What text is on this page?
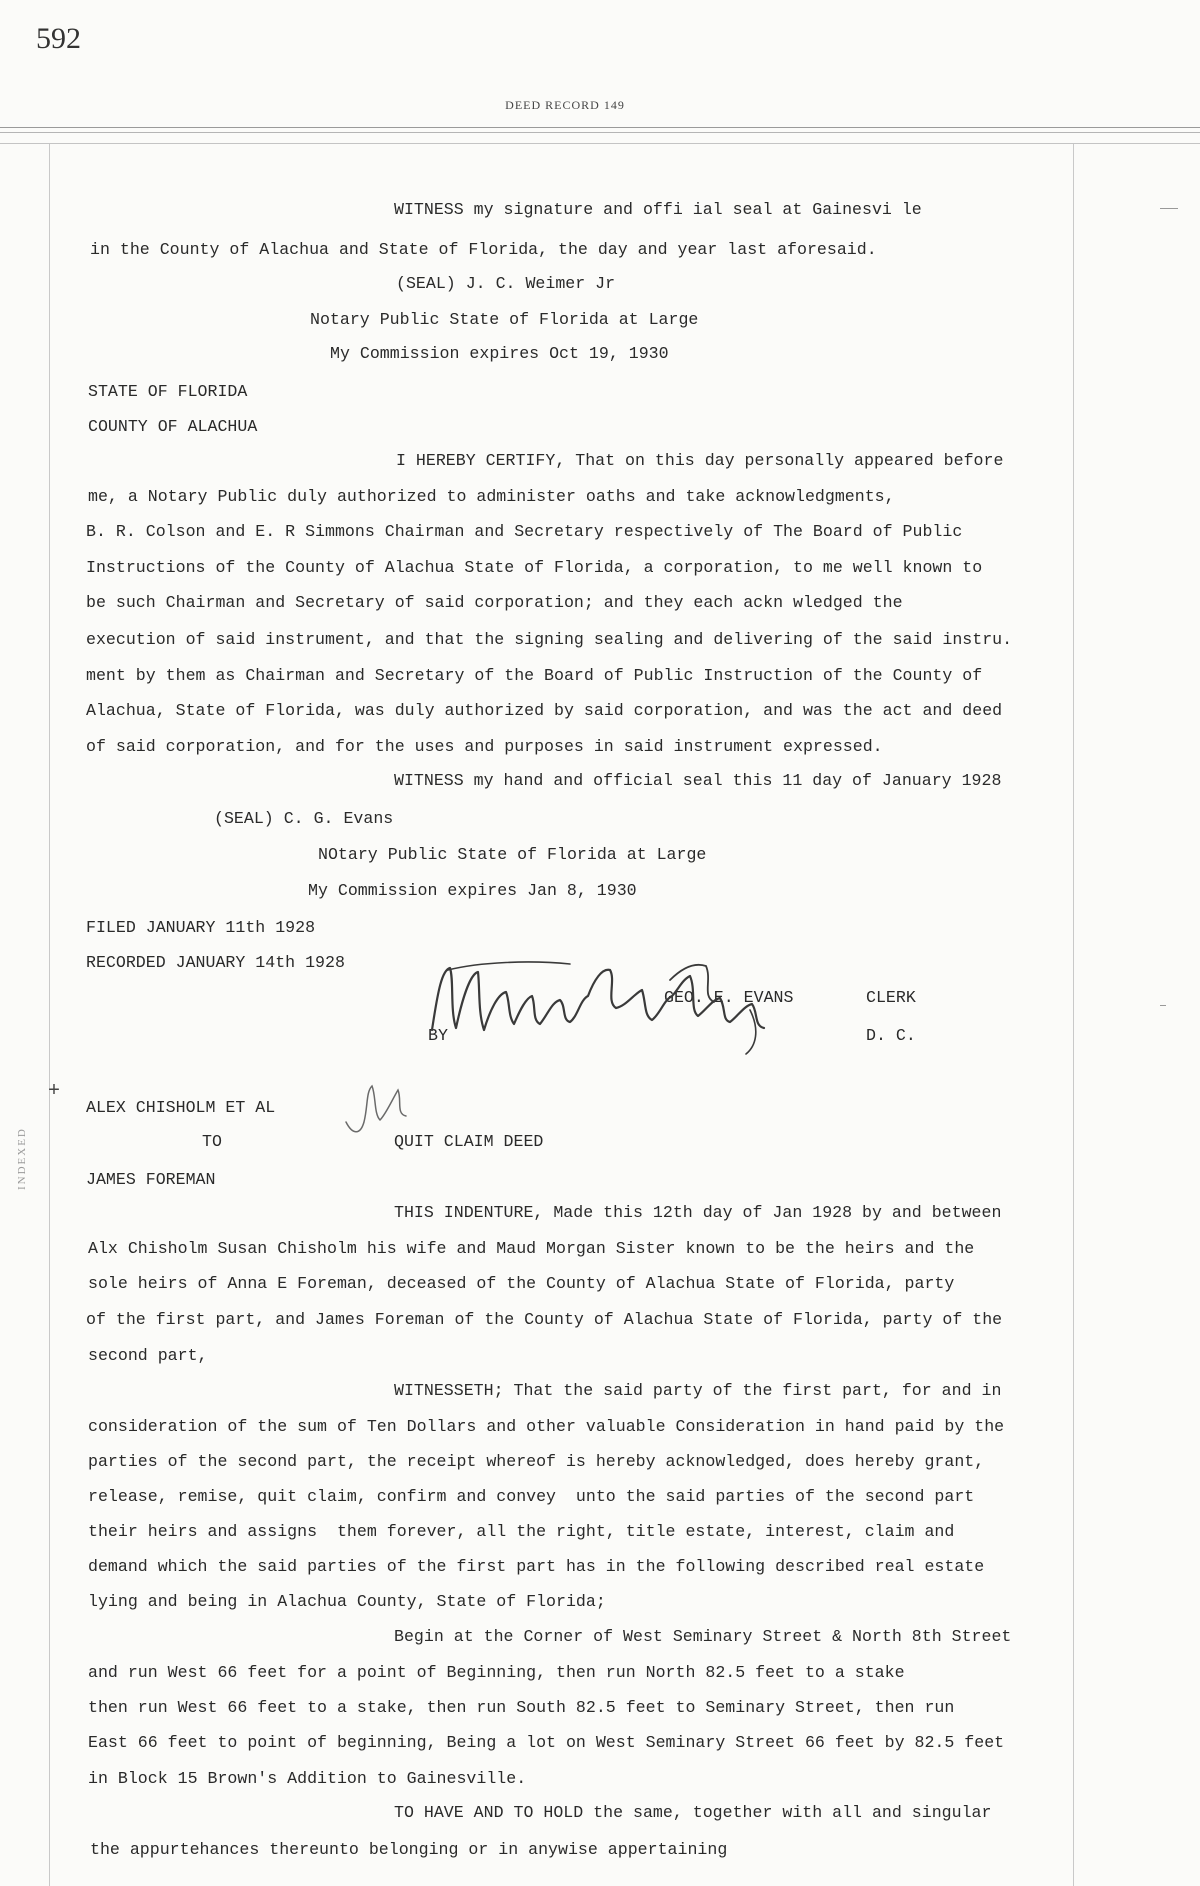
592
DEED RECORD 149
INDEXED
+
WITNESS my signature and offi ial seal at Gainesvi le
in the County of Alachua and State of Florida, the day and year last aforesaid.
(SEAL) J. C. Weimer Jr
Notary Public State of Florida at Large
My Commission expires Oct 19, 1930
STATE OF FLORIDA
COUNTY OF ALACHUA
I HEREBY CERTIFY, That on this day personally appeared before
me, a Notary Public duly authorized to administer oaths and take acknowledgments,
B. R. Colson and E. R Simmons Chairman and Secretary respectively of The Board of Public
Instructions of the County of Alachua State of Florida, a corporation, to me well known to
be such Chairman and Secretary of said corporation; and they each ackn wledged the
execution of said instrument, and that the signing sealing and delivering of the said instru.
ment by them as Chairman and Secretary of the Board of Public Instruction of the County of
Alachua, State of Florida, was duly authorized by said corporation, and was the act and deed
of said corporation, and for the uses and purposes in said instrument expressed.
WITNESS my hand and official seal this 11 day of January 1928
(SEAL) C. G. Evans
NOtary Public State of Florida at Large
My Commission expires Jan 8, 1930
FILED JANUARY 11th 1928
RECORDED JANUARY 14th 1928
GEO. E. EVANS	CLERK
BY	D. C.
ALEX CHISHOLM ET AL
TO	QUIT CLAIM DEED
JAMES FOREMAN
THIS INDENTURE, Made this 12th day of Jan 1928 by and between
Alx Chisholm Susan Chisholm his wife and Maud Morgan Sister known to be the heirs and the
sole heirs of Anna E Foreman, deceased of the County of Alachua State of Florida, party
of the first part, and James Foreman of the County of Alachua State of Florida, party of the
second part,
WITNESSETH; That the said party of the first part, for and in
consideration of the sum of Ten Dollars and other valuable Consideration in hand paid by the
parties of the second part, the receipt whereof is hereby acknowledged, does hereby grant,
release, remise, quit claim, confirm and convey  unto the said parties of the second part
their heirs and assigns  them forever, all the right, title estate, interest, claim and
demand which the said parties of the first part has in the following described real estate
lying and being in Alachua County, State of Florida;
Begin at the Corner of West Seminary Street & North 8th Street
and run West 66 feet for a point of Beginning, then run North 82.5 feet to a stake
then run West 66 feet to a stake, then run South 82.5 feet to Seminary Street, then run
East 66 feet to point of beginning, Being a lot on West Seminary Street 66 feet by 82.5 feet
in Block 15 Brown's Addition to Gainesville.
TO HAVE AND TO HOLD the same, together with all and singular
the appurtehances thereunto belonging or in anywise appertaining
